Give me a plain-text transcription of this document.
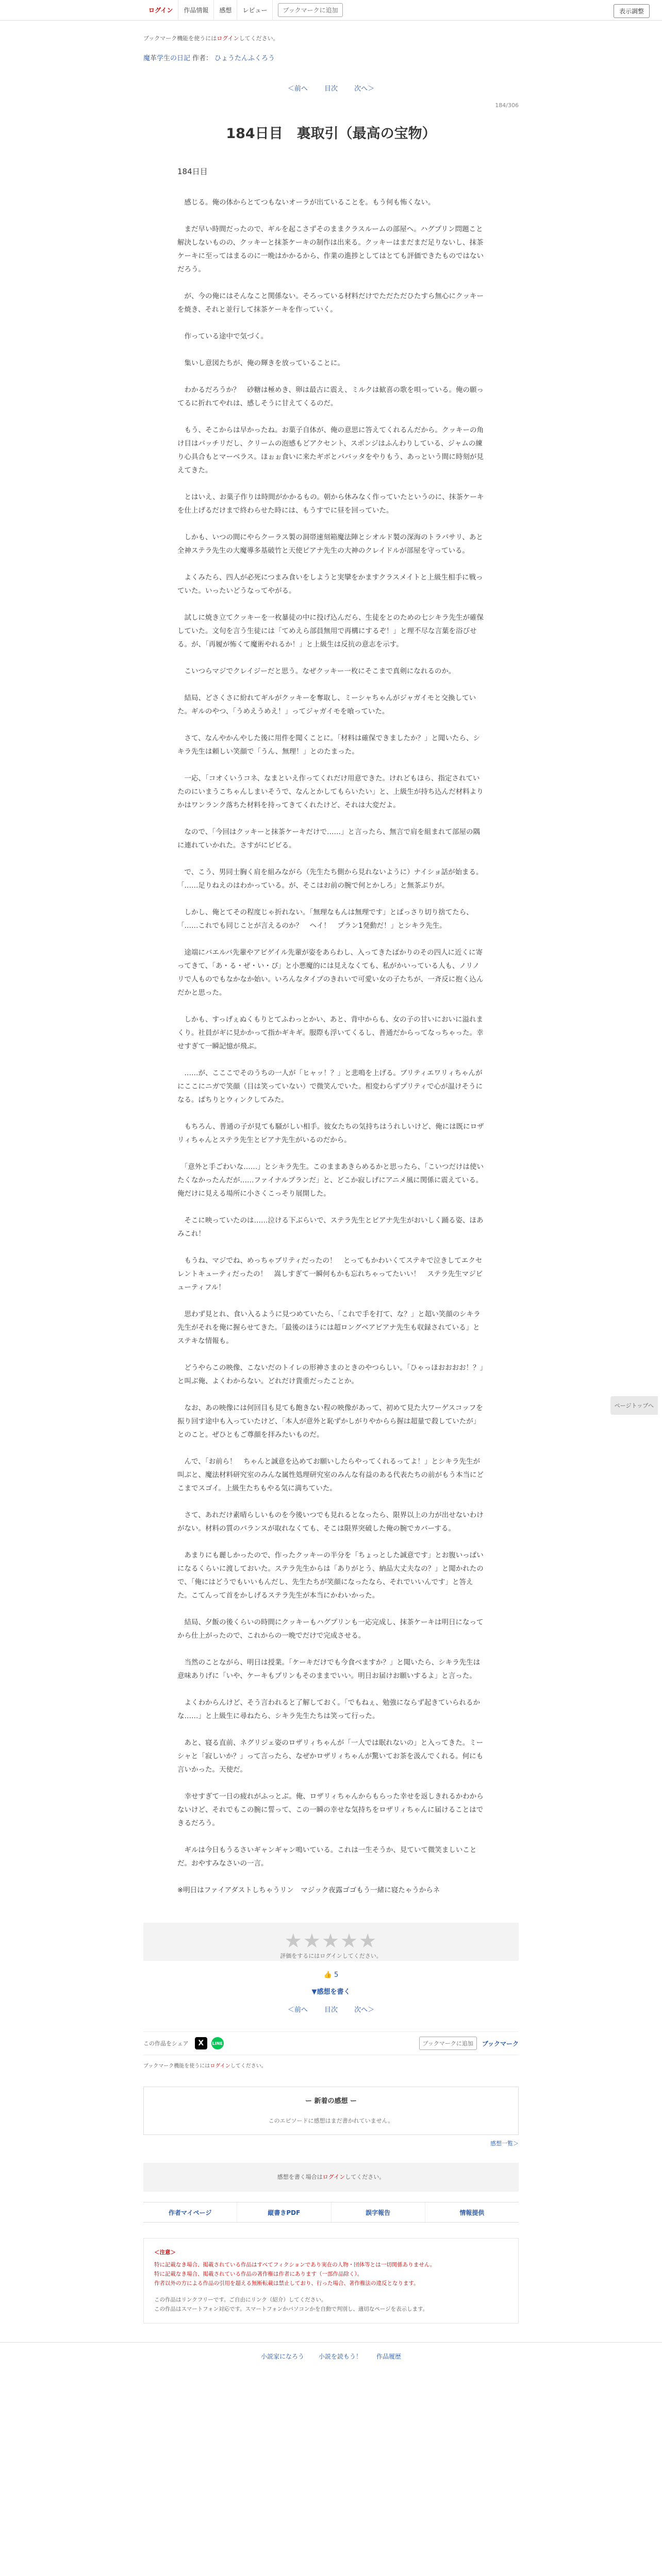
ログイン	作品情報	感想	レビュー	ブックマークに追加	表示調整
ブックマーク機能を使うにはログインしてください。
魔革学生の日記 作者： ひょうたんふくろう
＜前へ 目次 次へ＞
184/306
184日目　裏取引（最高の宝物）

184日目

　感じる。俺の体からとてつもないオーラが出ていることを。もう何も怖くない。

　まだ早い時間だったので、ギルを起こさずそのままクラスルームの部屋へ。ハグプリン問題こと解決しないものの、クッキーと抹茶ケーキの制作は出来る。クッキーはまだまだ足りないし、抹茶ケーキに至ってはまるのに一晩はかかるから、作業の進捗としてはとても評価できたものではないだろう。

　が、今の俺にはそんなこと関係ない。そろっている材料だけでただただひたすら無心にクッキーを焼き、それと並行して抹茶ケーキを作っていく。

　作っている途中で気づく。

　集いし意図たちが、俺の輝きを放っていることに。

　わかるだろうか？　砂糖は極めき、卵は最古に震え、ミルクは歓喜の歌を唄っている。俺の願ってるに折れてやれは、感しそうに甘えてくるのだ。

　もう、そこからは早かったね。お菓子自体が、俺の意思に答えてくれるんだから。クッキーの角け目はバッチリだし、クリームの泡感もどアクセント、スポンジはふんわりしている、ジャムの練り心具合もとマーベラス。ほぉぉ食いに来たギボとパバッタをやりもう、あっという間に時刻が見えてきた。

　とはいえ、お菓子作りは時間がかかるもの。朝から休みなく作っていたというのに、抹茶ケーキを仕上げるだけまで終わらせた時には、もうすでに昼を回っていた。

　しかも、いつの間にやらクーラス製の洞帯速刻箱魔法陣とシオルド製の深海のトラバサリ、あと全神ステラ先生の大魔導多基破竹と天使ピアナ先生の大神のクレイドルが部屋を守っている。

　よくみたら、四人が必死につまみ食いをしようと実攣をかますクラスメイトと上級生相手に戦っていた。いったいどうなってやがる。

　試しに焼き立てクッキーを一枚暴徒の中に投げ込んだら、生徒をとのための七シキラ先生が確保していた。文句を言う生徒には「てめえら部員無用で再構にするぞ！」と理不尽な言葉を浴びせる。が、「再履が怖くて魔術やれるか！」と上級生は反抗の意志を示す。

　こいつらマジでクレイジーだと思う。なぜクッキー一枚にそこまで真剣になれるのか。

　結局、どさくさに紛れてギルがクッキーを奪取し、ミーシャちゃんがジャガイモと交換していた。ギルのやつ、「うめえうめえ！」ってジャガイモを喰っていた。

　さて、なんやかんやした後に用件を聞くことに。「材料は確保できましたか？」と聞いたら、シキラ先生は頼しい笑顔で「うん、無理！」とのたまった。

　一応、「コオくいうコネ、なまといえ作ってくれだけ用意できた。けれどもほら、指定されていたのにいまうこちゃんしまいそうで、なんとかしてもらいたい」と、上級生が持ち込んだ材料よりかはワンランク落ちた材料を持ってきてくれたけど、それは大変だよ。

　なので、「今回はクッキーと抹茶ケーキだけで……」と言ったら、無言で肩を組まれて部屋の隅に連れていかれた。さすがにビビる。

　で、こう、男同士胸く肩を組みながら（先生たち側から見れないように）ナイショ話が始まる。「……足りねえのはわかっている。が、そこはお前の腕で何とかしろ」と無茶ぶりが。

　しかし、俺とてその程度じゃ折れない。「無理なもんは無理です」とぱっさり切り捨てたら、「……これでも同じことが言えるのか？　ヘイ！　プラン1発動だ！」とシキラ先生。

　途端にバエルバ先輩やアビゲイル先輩が姿をあらわし、入ってきたばかりのその四人に近くに寄ってきて、「あ・る・ぜ・い・ぴ」と小悪魔的には見えなくても、私がかいっている人も、ノリノリで人ものでもなかなか始い。いろんなタイプのきれいで可愛い女の子たちが、一斉反に抱く込んだかと思った。

　しかも、すっげぇぬくもりとてふわっとかい、あと、背中からも、女の子の甘いにおいに溢れまくり。社員がギに見かかって指かギキギ。服際も浮いてくるし、普通だからってなっちゃった。幸せすぎて一瞬記憶が飛ぶ。

　……が、こここでそのうちの一人が「ヒャッ！？」と悲鳴を上げる。ブリティエワリィちゃんがにここにニガで笑顔（目は笑っていない）で微笑んでいた。相変わらずプリティで心が温けそうになる。ぱちりとウィンクしてみた。

　もちろん、普通の子が見ても騒がしい相手。彼女たちの気持ちはうれしいけど、俺には既にロザリィちゃんとステラ先生とビアナ先生がいるのだから。

　「意外と手ごわいな……」とシキラ先生。このままあきらめるかと思ったら、「こいつだけは使いたくなかったんだが……ファイナルプランだ」と、どこか寂しげにアニメ風に関係に震えている。俺だけに見える場所に小さくこっそり展開した。

　そこに映っていたのは……泣ける下ぶらいで、ステラ先生とビアナ先生がおいしく踊る姿、ほあみこれ！

　もうね、マジでね、めっちゃブリティだったの！　とってもかわいくてステキで泣きしてエクセレントキューティだったの！　嵩しすぎて一瞬何もかも忘れちゃってたいい！　ステラ先生マジビューティフル！

　思わず見とれ、食い入るように見つめていたら、「これで手を打て、な？」と超い笑顔のシキラ先生がそれを俺に握らせてきた。「最後のほうには超ロングベアビアナ先生も収録されている」とステキな情報も。

　どうやらこの映像、こないだのトイレの形神さまのときのやつらしい。「ひゃっほおおおお！？」と叫ぶ俺、よくわからない。どれだけ貴重だったことか。

　なお、あの映像には何回目も見ても飽きない程の映像があって、初めて見た大ワーゲスコッフを振り回す途中も入っていたけど、「本人が意外と恥ずかしがりやからら握は超量で殺していたが」とのこと。ぜひともご尊顔を拝みたいものだ。

　んで、「お前ら！　ちゃんと誠意を込めてお願いしたらやってくれるってよ！」とシキラ先生が叫ぶと、魔法材料研究室のみんな属性処理研究室のみんな有益のある代表たちの前がもう本当にどこまでスゴイ。上級生たちもやる気に満ちていた。

　さて、あれだけ素晴らしいものを今後いつでも見れるとなったら、限界以上の力が出せないわけがない。材料の質のバランスが取れなくても、そこは限界突破した俺の腕でカバーする。

　あまりにも麗しかったので、作ったクッキーの半分を「ちょっとした誠意です」とお腹いっぱいになるくらいに渡しておいた。ステラ先生からは「ありがとう、納品大丈夫なの？」と聞かれたので、「俺にはどうでもいいもんだし、先生たちが笑顔になったなら、それでいいんです」と答えた。こてんって首をかしげるステラ先生が本当にかわいかった。

　結局、夕飯の後くらいの時間にクッキーもハグプリンも一応完成し、抹茶ケーキは明日になってから仕上がったので、これからの一晩でだけで完成させる。

　当然のことながら、明日は授業。「ケーキだけでも今食べますか？」と聞いたら、シキラ先生は意味ありげに「いや、ケーキもプリンもそのままでいい。明日お届けお願いするよ」と言った。

　よくわからんけど、そう言われると了解しておく。「でもねぇ、勉強にならず起きていられるかな……」と上級生に尋ねたら、シキラ先生たちは笑って行った。

　あと、寝る直前、ネグリジェ姿のロザリィちゃんが「一人では眠れないの」と入ってきた。ミーシャと「寂しいか？」って言ったら、なぜかロザリィちゃんが驚いてお茶を汲んでくれる。何にも言いかった。天使だ。

　幸せすぎて一日の疲れがふっとぶ。俺、ロザリィちゃんからもらった幸せを返しきれるかわからないけど、それでもこの腕に誓って、この一瞬の幸せな気持ちをロザリィちゃんに届けることはできるだろう。

　ギルは今日もうるさいギャンギャン鳴いている。これは一生そうか、見ていて微笑ましいことだ。おやすみなさいの一言。

※明日はファイアダストしちゃうリン　マジック夜露ゴゴもう一緒に寝たゃうからネ

★★★★★
評価をするにはログインしてください。
👍 5
▼感想を書く
＜前へ 目次 次へ＞
この作品をシェア	X	LINE	ブックマークに追加	ブックマーク
ブックマーク機能を使うにはログインしてください。
ー 新着の感想 ー
このエピソードに感想はまだ書かれていません。
感想一覧＞
感想を書く場合はログインしてください。
作者マイページ	縦書きPDF	誤字報告	情報提供
＜注意＞
特に記載なき場合、掲載されている作品はすべてフィクションであり実在の人物・団体等とは一切関係ありません。
特に記載なき場合、掲載されている作品の著作権は作者にあります（一部作品除く）。
作者以外の方による作品の引用を超える無断転載は禁止しており、行った場合、著作権法の違反となります。
この作品はリンクフリーです。ご自由にリンク（紹介）してください。
この作品はスマートフォン対応です。スマートフォンかパソコンかを自動で判別し、適切なページを表示します。
小説家になろう 小説を読もう！ 作品履歴
ページトップへ
